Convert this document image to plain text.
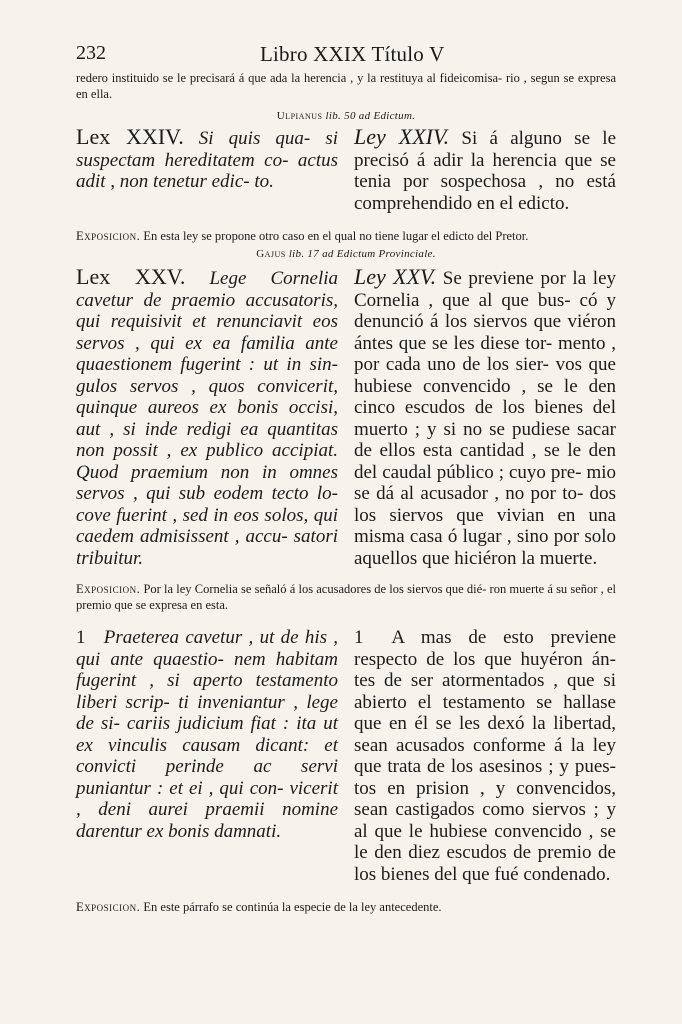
232	Libro XXIX Título V

redero instituido se le precisará á que ada la herencia , y la restituya al fideicomisa- rio , segun se expresa en ella.

Ulpianus lib. 50 ad Edictum.

Lex XXIV. Si quis qua- si suspectam hereditatem co- actus adit , non tenetur edic- to.
Ley XXIV. Si á alguno se le precisó á adir la herencia que se tenia por sospechosa , no está comprehendido en el edicto.

Exposicion. En esta ley se propone otro caso en el qual no tiene lugar el edicto del Pretor.

Gajus lib. 17 ad Edictum Provinciale.

Lex XXV. Lege Cornelia cavetur de praemio accusatoris, qui requisivit et renunciavit eos servos , qui ex ea familia ante quaestionem fugerint : ut in sin- gulos servos , quos convicerit, quinque aureos ex bonis occisi, aut , si inde redigi ea quantitas non possit , ex publico accipiat. Quod praemium non in omnes servos , qui sub eodem tecto lo- cove fuerint , sed in eos solos, qui caedem admisissent , accu- satori tribuitur.
Ley XXV. Se previene por la ley Cornelia , que al que bus- có y denunció á los siervos que viéron ántes que se les diese tor- mento , por cada uno de los sier- vos que hubiese convencido , se le den cinco escudos de los bienes del muerto ; y si no se pudiese sacar de ellos esta cantidad , se le den del caudal público ; cuyo pre- mio se dá al acusador , no por to- dos los siervos que vivian en una misma casa ó lugar , sino por solo aquellos que hiciéron la muerte.

Exposicion. Por la ley Cornelia se señaló á los acusadores de los siervos que dié- ron muerte á su señor , el premio que se expresa en esta.

1 Praeterea cavetur , ut de his , qui ante quaestio- nem habitam fugerint , si aperto testamento liberi scrip- ti inveniantur , lege de si- cariis judicium fiat : ita ut ex vinculis causam dicant: et convicti perinde ac servi puniantur : et ei , qui con- vicerit , deni aurei praemii nomine darentur ex bonis damnati.
1 A mas de esto previene respecto de los que huyéron án- tes de ser atormentados , que si abierto el testamento se hallase que en él se les dexó la libertad, sean acusados conforme á la ley que trata de los asesinos ; y pues- tos en prision , y convencidos, sean castigados como siervos ; y al que le hubiese convencido , se le den diez escudos de premio de los bienes del que fué condenado.

Exposicion. En este párrafo se continúa la especie de la ley antecedente.
